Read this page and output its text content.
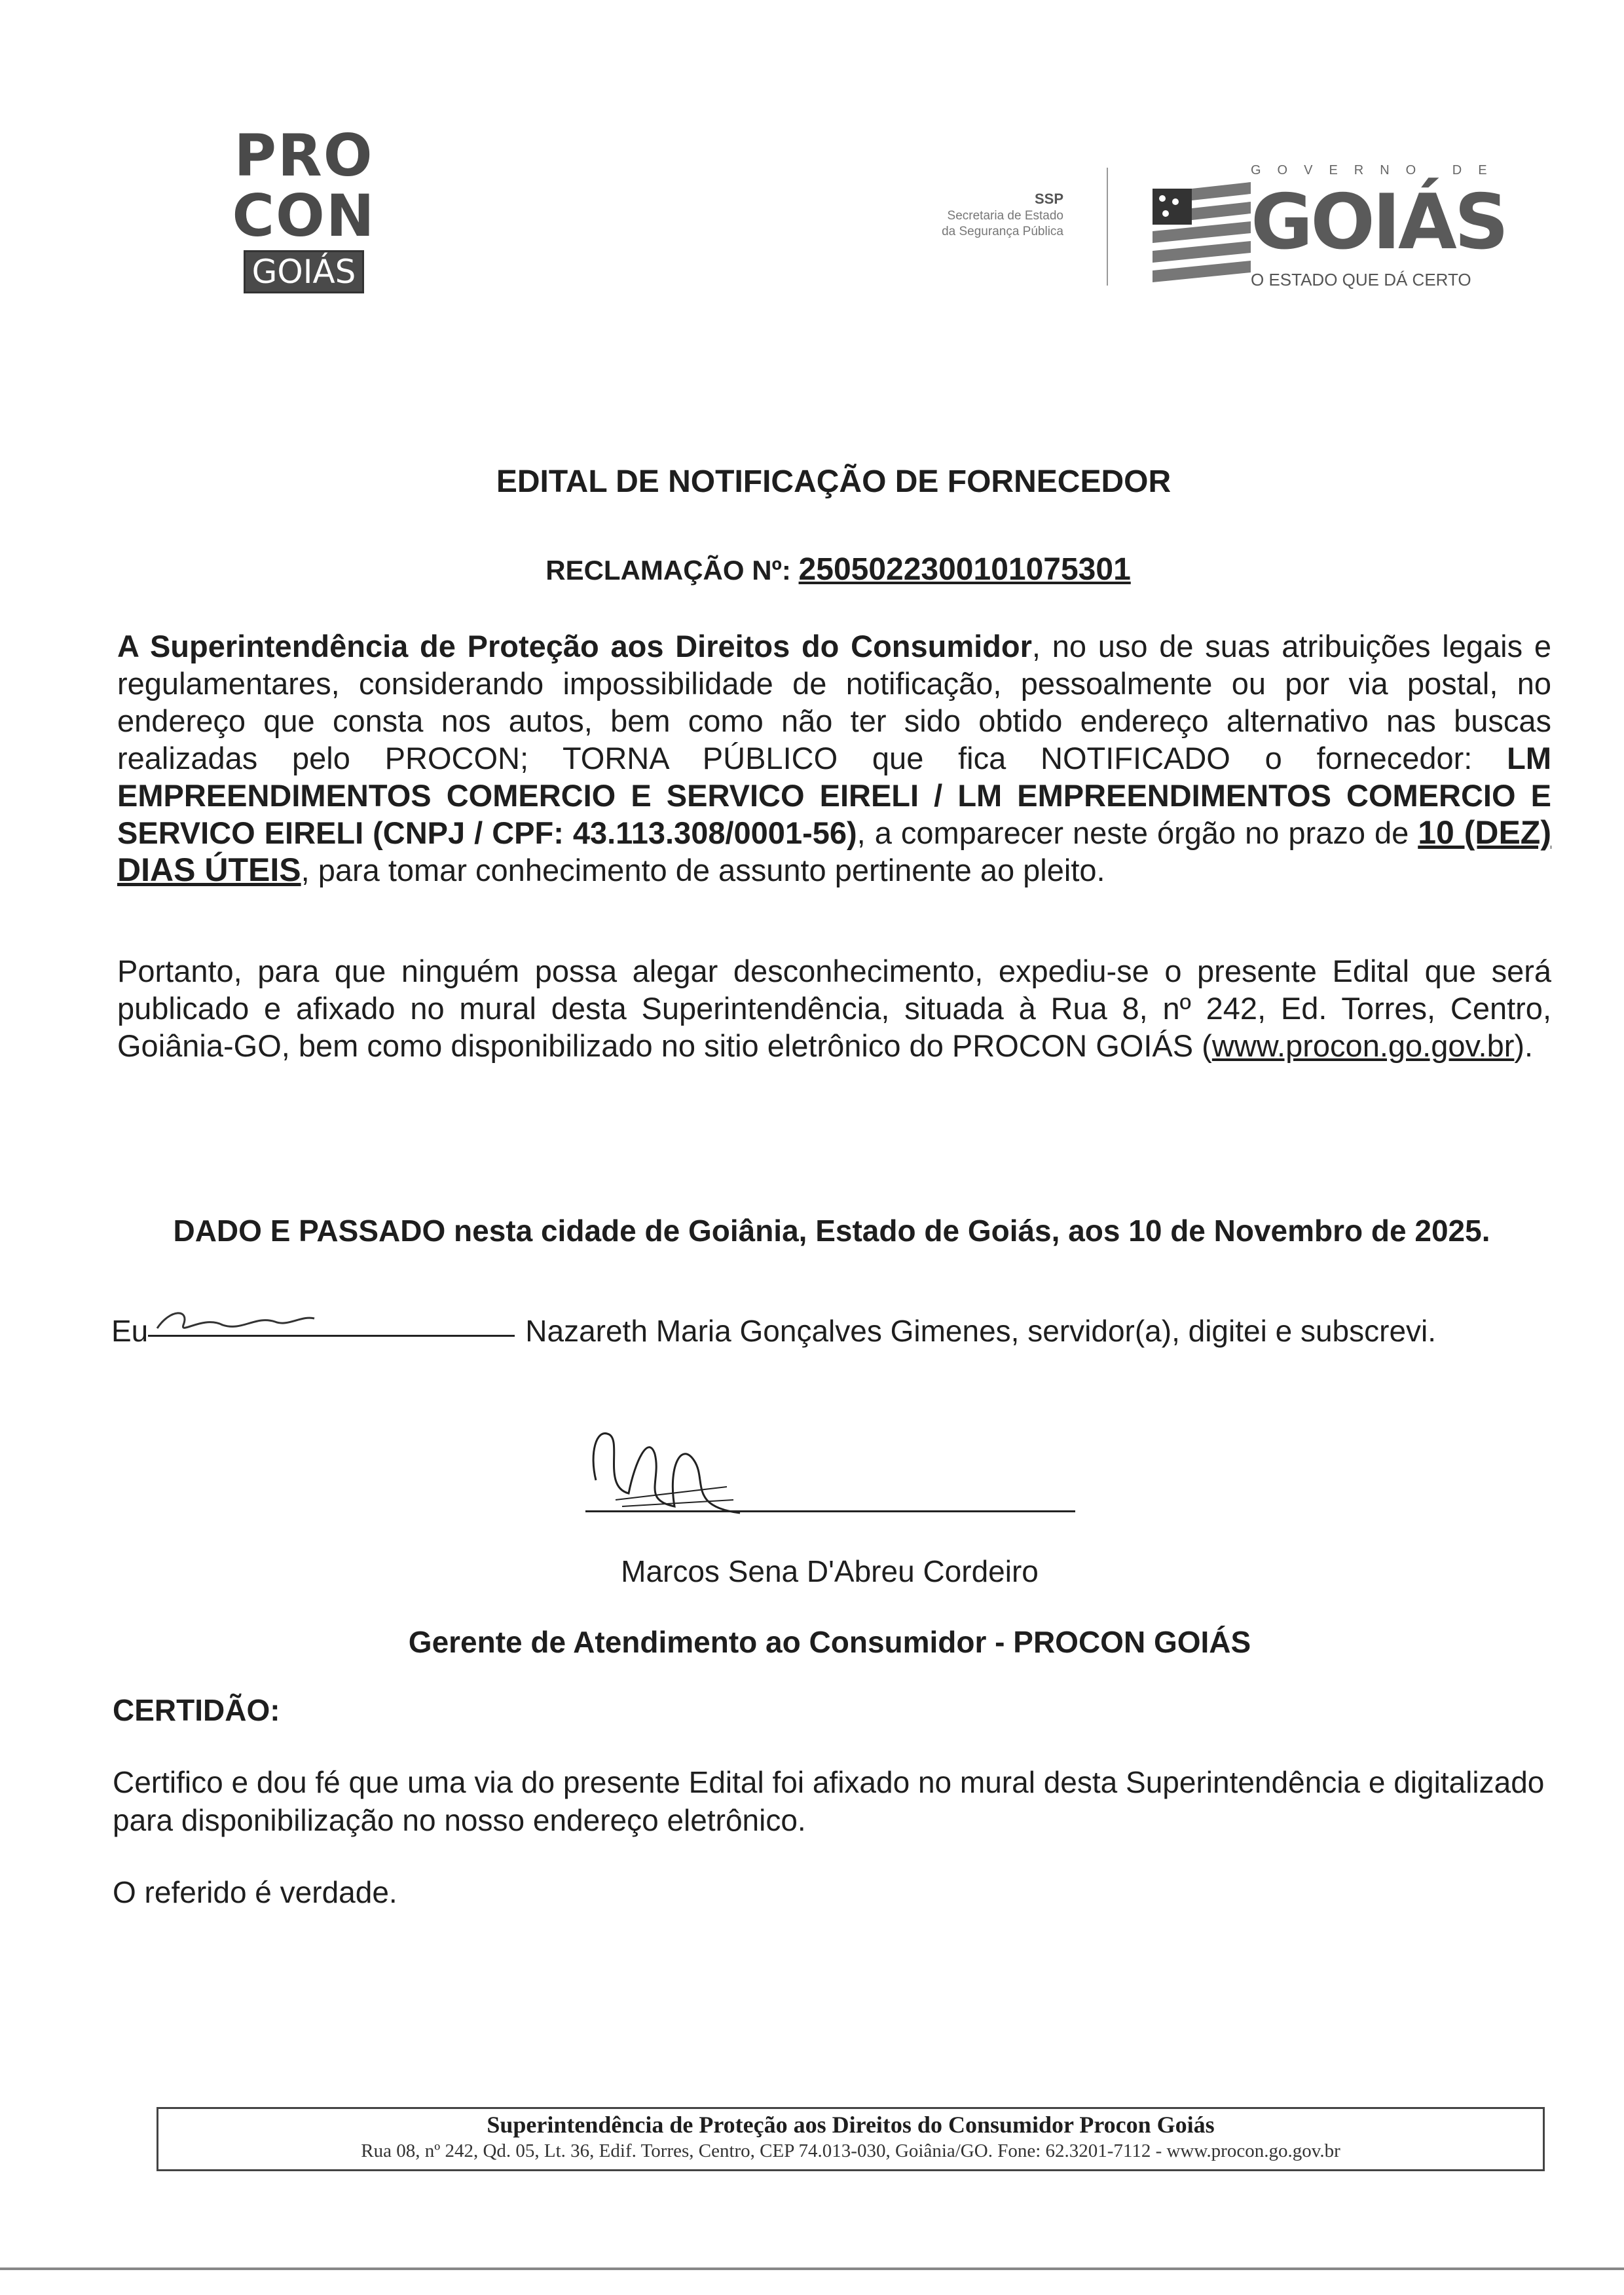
PRO
CON
GOIÁS
SSP
Secretaria de Estado
da Segurança Pública
GOVERNO DE
GOIÁS
O ESTADO QUE DÁ CERTO
EDITAL DE NOTIFICAÇÃO DE FORNECEDOR
RECLAMAÇÃO Nº: 2505022300101075301
A Superintendência de Proteção aos Direitos do Consumidor, no uso de suas atribuições legais e regulamentares, considerando impossibilidade de notificação, pessoalmente ou por via postal, no endereço que consta nos autos, bem como não ter sido obtido endereço alternativo nas buscas realizadas pelo PROCON; TORNA PÚBLICO que fica NOTIFICADO o fornecedor: LM EMPREENDIMENTOS COMERCIO E SERVICO EIRELI / LM EMPREENDIMENTOS COMERCIO E SERVICO EIRELI (CNPJ / CPF: 43.113.308/0001-56), a comparecer neste órgão no prazo de 10 (DEZ) DIAS ÚTEIS, para tomar conhecimento de assunto pertinente ao pleito.
Portanto, para que ninguém possa alegar desconhecimento, expediu-se o presente Edital que será publicado e afixado no mural desta Superintendência, situada à Rua 8, nº 242, Ed. Torres, Centro, Goiânia-GO, bem como disponibilizado no sitio eletrônico do PROCON GOIÁS (www.procon.go.gov.br).
DADO E PASSADO nesta cidade de Goiânia, Estado de Goiás, aos 10 de Novembro de 2025.
Eu	Nazareth Maria Gonçalves Gimenes, servidor(a), digitei e subscrevi.
Marcos Sena D'Abreu Cordeiro
Gerente de Atendimento ao Consumidor - PROCON GOIÁS
CERTIDÃO:
Certifico e dou fé que uma via do presente Edital foi afixado no mural desta Superintendência e digitalizado para disponibilização no nosso endereço eletrônico.
O referido é verdade.
Superintendência de Proteção aos Direitos do Consumidor Procon Goiás
Rua 08, nº 242, Qd. 05, Lt. 36, Edif. Torres, Centro, CEP 74.013-030, Goiânia/GO. Fone: 62.3201-7112 - www.procon.go.gov.br
